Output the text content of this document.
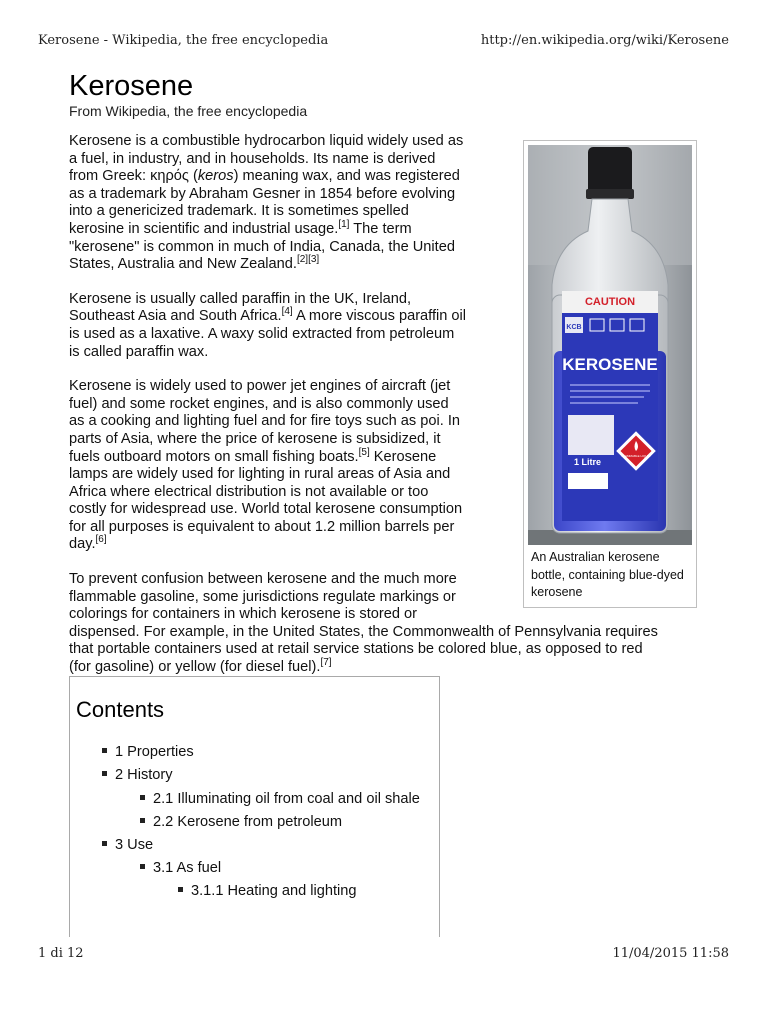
Kerosene - Wikipedia, the free encyclopedia	http://en.wikipedia.org/wiki/Kerosene
Kerosene
From Wikipedia, the free encyclopedia

Kerosene is a combustible hydrocarbon liquid widely used as a fuel, in industry, and in households. Its name is derived from Greek: κηρός (keros) meaning wax, and was registered as a trademark by Abraham Gesner in 1854 before evolving into a genericized trademark. It is sometimes spelled kerosine in scientific and industrial usage.[1] The term "kerosene" is common in much of India, Canada, the United States, Australia and New Zealand.[2][3]

Kerosene is usually called paraffin in the UK, Ireland, Southeast Asia and South Africa.[4] A more viscous paraffin oil is used as a laxative. A waxy solid extracted from petroleum is called paraffin wax.

Kerosene is widely used to power jet engines of aircraft (jet fuel) and some rocket engines, and is also commonly used as a cooking and lighting fuel and for fire toys such as poi. In parts of Asia, where the price of kerosene is subsidized, it fuels outboard motors on small fishing boats.[5] Kerosene lamps are widely used for lighting in rural areas of Asia and Africa where electrical distribution is not available or too costly for widespread use. World total kerosene consumption for all purposes is equivalent to about 1.2 million barrels per day.[6]

To prevent confusion between kerosene and the much more flammable gasoline, some jurisdictions regulate markings or colorings for containers in which kerosene is stored or dispensed. For example, in the United States, the Commonwealth of Pennsylvania requires that portable containers used at retail service stations be colored blue, as opposed to red (for gasoline) or yellow (for diesel fuel).[7]

CAUTION
KCB
KEROSENE
1 Litre
FLAMMABLE LIQUID
An Australian kerosene bottle, containing blue-dyed kerosene
Contents
1 Properties
2 History
2.1 Illuminating oil from coal and oil shale
2.2 Kerosene from petroleum
3 Use
3.1 As fuel
3.1.1 Heating and lighting
1 di 12	11/04/2015 11:58
